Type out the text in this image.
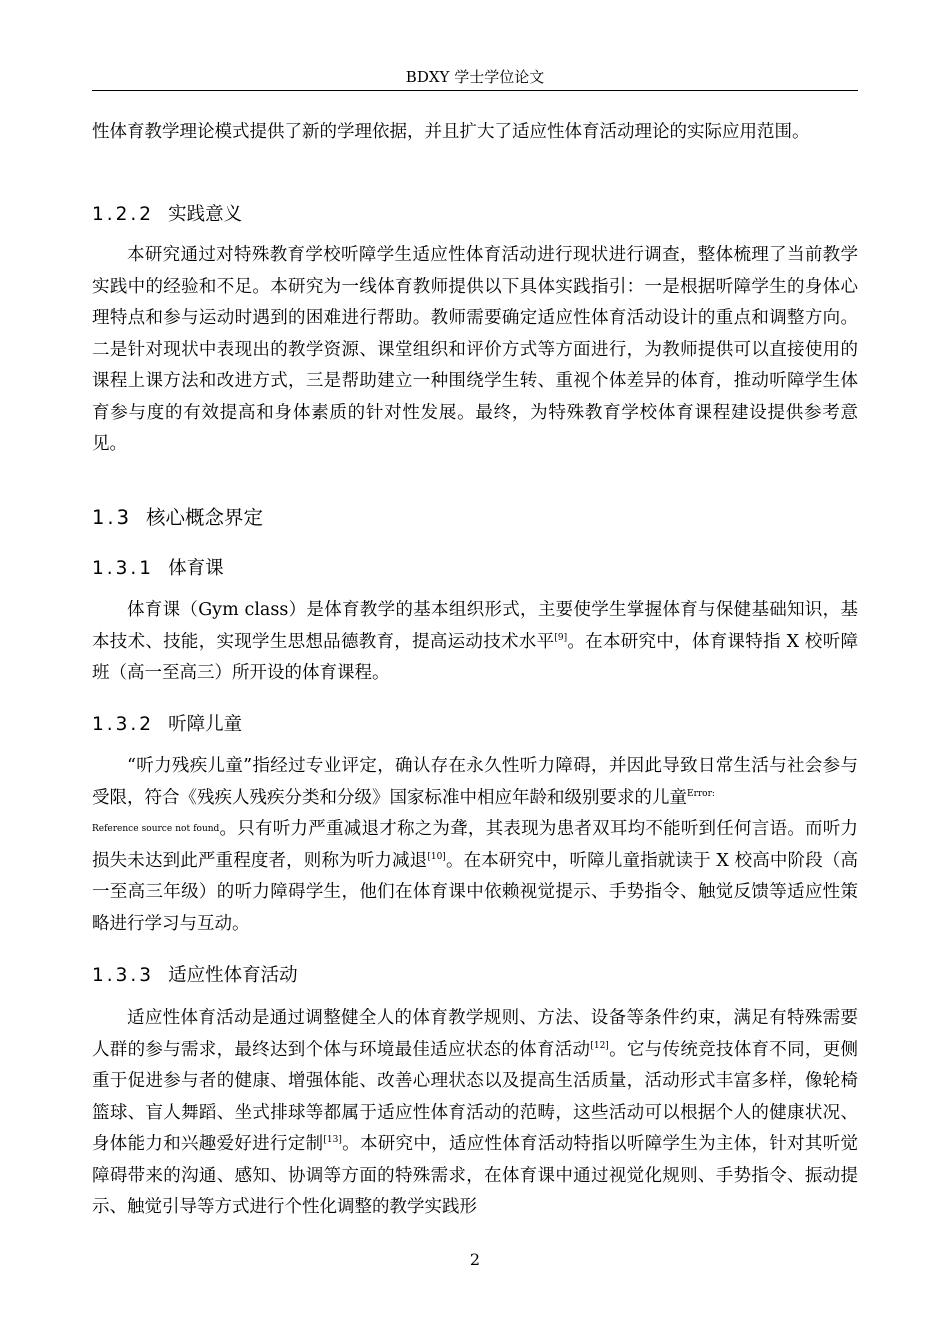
BDXY 学士学位论文
性体育教学理论模式提供了新的学理依据，并且扩大了适应性体育活动理论的实际应用范围。
1.2.2 实践意义
本研究通过对特殊教育学校听障学生适应性体育活动进行现状进行调查，整体梳理了当前教学实践中的经验和不足。本研究为一线体育教师提供以下具体实践指引：一是根据听障学生的身体心理特点和参与运动时遇到的困难进行帮助。教师需要确定适应性体育活动设计的重点和调整方向。二是针对现状中表现出的教学资源、课堂组织和评价方式等方面进行，为教师提供可以直接使用的课程上课方法和改进方式，三是帮助建立一种围绕学生转、重视个体差异的体育，推动听障学生体育参与度的有效提高和身体素质的针对性发展。最终，为特殊教育学校体育课程建设提供参考意见。
1.3 核心概念界定
1.3.1 体育课
体育课（Gym class）是体育教学的基本组织形式，主要使学生掌握体育与保健基础知识，基本技术、技能，实现学生思想品德教育，提高运动技术水平[9]。在本研究中，体育课特指 X 校听障班（高一至高三）所开设的体育课程。
1.3.2 听障儿童
“听力残疾儿童”指经过专业评定，确认存在永久性听力障碍，并因此导致日常生活与社会参与受限，符合《残疾人残疾分类和分级》国家标准中相应年龄和级别要求的儿童$^{Error:}$
$^{Reference source not found}$。只有听力严重减退才称之为聋，其表现为患者双耳均不能听到任何言语。而听力损失未达到此严重程度者，则称为听力减退[10]。在本研究中，听障儿童指就读于 X 校高中阶段（高一至高三年级）的听力障碍学生，他们在体育课中依赖视觉提示、手势指令、触觉反馈等适应性策略进行学习与互动。
1.3.3 适应性体育活动
适应性体育活动是通过调整健全人的体育教学规则、方法、设备等条件约束，满足有特殊需要人群的参与需求，最终达到个体与环境最佳适应状态的体育活动[12]。它与传统竞技体育不同，更侧重于促进参与者的健康、增强体能、改善心理状态以及提高生活质量，活动形式丰富多样，像轮椅篮球、盲人舞蹈、坐式排球等都属于适应性体育活动的范畴，这些活动可以根据个人的健康状况、身体能力和兴趣爱好进行定制[13]。本研究中，适应性体育活动特指以听障学生为主体，针对其听觉障碍带来的沟通、感知、协调等方面的特殊需求，在体育课中通过视觉化规则、手势指令、振动提示、触觉引导等方式进行个性化调整的教学实践形
2
